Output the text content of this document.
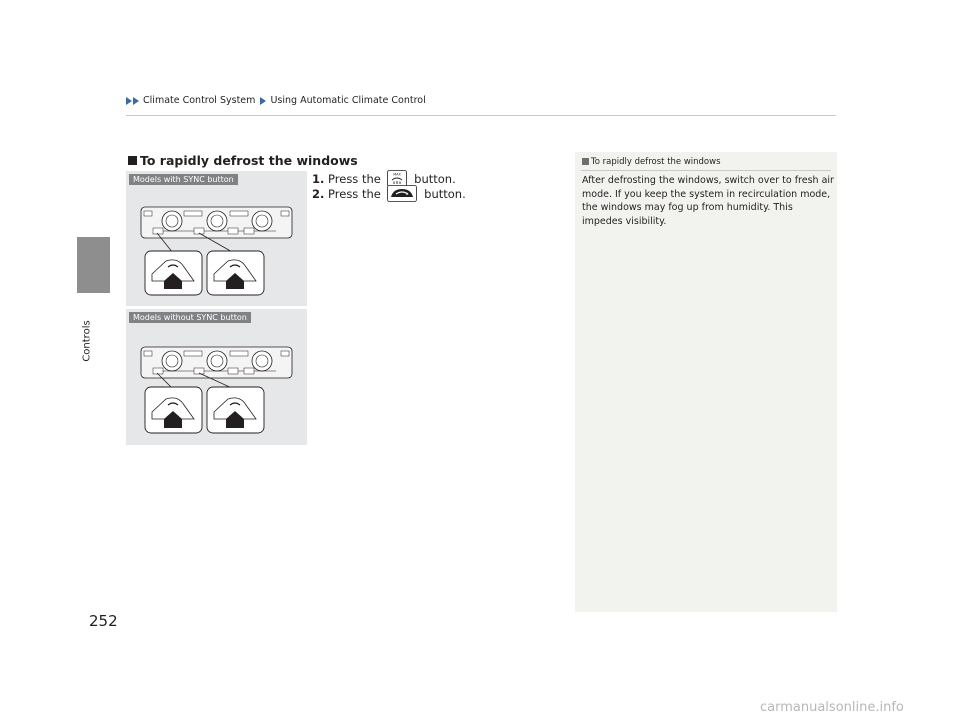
Climate Control System Using Automatic Climate Control
Controls
252
To rapidly defrost the windows
1. Press the	MAX button.
2. Press the	button.
Models with SYNC button
Models without SYNC button
To rapidly defrost the windows
After defrosting the windows, switch over to fresh air mode. If you keep the system in recirculation mode, the windows may fog up from humidity. This impedes visibility.
carmanualsonline.info
